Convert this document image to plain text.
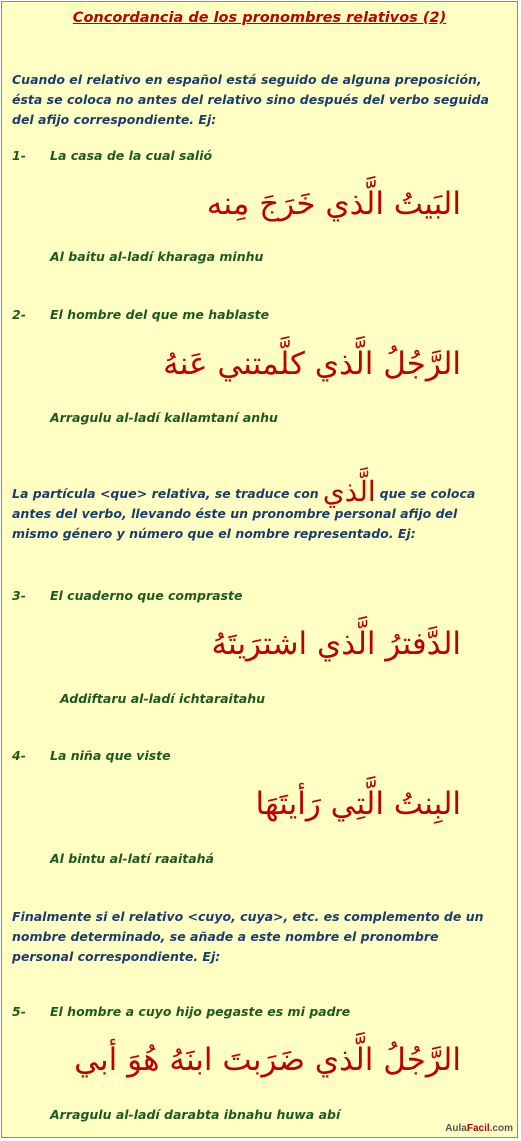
Concordancia de los pronombres relativos (2)
Cuando el relativo en español está seguido de alguna preposición, ésta se coloca no antes del relativo sino después del verbo seguida del afijo correspondiente. Ej:
1- La casa de la cual salió
البَيتُ الَّذي خَرَجَ مِنه
Al baitu al-ladí kharaga minhu
2- El hombre del que me hablaste
الرَّجُلُ الَّذي كلَّمتني عَنهُ
Arragulu al-ladí kallamtaní anhu
La partícula <que> relativa, se traduce con الَّذي que se coloca antes del verbo, llevando éste un pronombre personal afijo del mismo género y número que el nombre representado. Ej:
3- El cuaderno que compraste
الدَّفترُ الَّذي اشترَيتَهُ
Addiftaru al-ladí ichtaraitahu
4- La niña que viste
البِنتُ الَّتِي رَأيتَهَا
Al bintu al-latí raaitahá
Finalmente si el relativo <cuyo, cuya>, etc. es complemento de un nombre determinado, se añade a este nombre el pronombre personal correspondiente. Ej:
5- El hombre a cuyo hijo pegaste es mi padre
الرَّجُلُ الَّذي ضَرَبتَ ابنَهُ هُوَ أبي
Arragulu al-ladí darabta ibnahu huwa abí
AulaFacil.com
